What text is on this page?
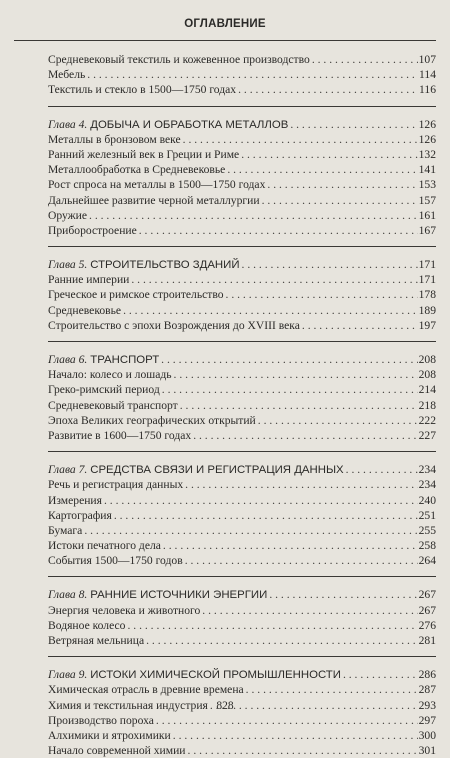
ОГЛАВЛЕНИЕ
Средневековый текстиль и кожевенное производство . . .	107
Мебель . . .	114
Текстиль и стекло в 1500—1750 годах . . .	116
Глава 4. ДОБЫЧА И ОБРАБОТКА МЕТАЛЛОВ . . .	126
Металлы в бронзовом веке . . .	126
Ранний железный век в Греции и Риме . . .	132
Металлообработка в Средневековье . . .	141
Рост спроса на металлы в 1500—1750 годах . . .	153
Дальнейшее развитие черной металлургии . . .	157
Оружие . . .	161
Приборостроение . . .	167
Глава 5. СТРОИТЕЛЬСТВО ЗДАНИЙ . . .	171
Ранние империи . . .	171
Греческое и римское строительство . . .	178
Средневековье . . .	189
Строительство с эпохи Возрождения до XVIII века . . .	197
Глава 6. ТРАНСПОРТ . . .	208
Начало: колесо и лошадь . . .	208
Греко-римский период . . .	214
Средневековый транспорт . . .	218
Эпоха Великих географических открытий . . .	222
Развитие в 1600—1750 годах . . .	227
Глава 7. СРЕДСТВА СВЯЗИ И РЕГИСТРАЦИЯ ДАННЫХ . . .	234
Речь и регистрация данных . . .	234
Измерения . . .	240
Картография . . .	251
Бумага . . .	255
Истоки печатного дела . . .	258
События 1500—1750 годов . . .	264
Глава 8. РАННИЕ ИСТОЧНИКИ ЭНЕРГИИ . . .	267
Энергия человека и животного . . .	267
Водяное колесо . . .	276
Ветряная мельница . . .	281
Глава 9. ИСТОКИ ХИМИЧЕСКОЙ ПРОМЫШЛЕННОСТИ . . .	286
Химическая отрасль в древние времена . . .	287
Химия и текстильная индустрия . . .	293
Производство пороха . . .	297
Алхимики и ятрохимики . . .	300
Начало современной химии . . .	301
828
